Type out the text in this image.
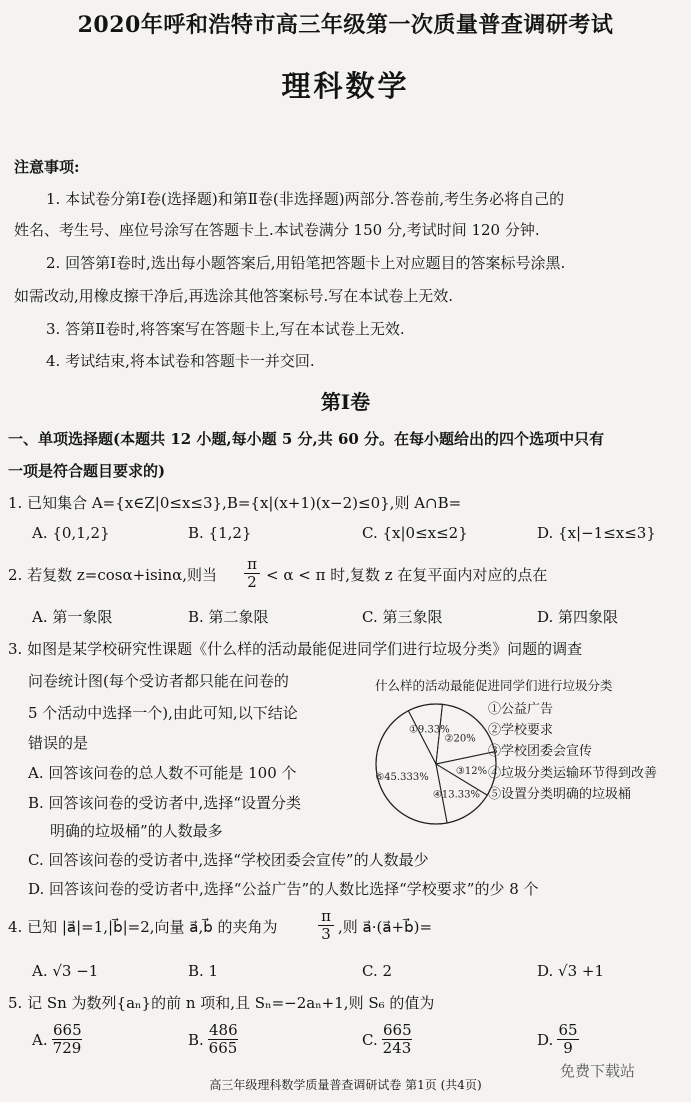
2020年呼和浩特市高三年级第一次质量普查调研考试
理科数学
注意事项:
1. 本试卷分第Ⅰ卷(选择题)和第Ⅱ卷(非选择题)两部分.答卷前,考生务必将自己的
姓名、考生号、座位号涂写在答题卡上.本试卷满分 150 分,考试时间 120 分钟.
2. 回答第Ⅰ卷时,选出每小题答案后,用铅笔把答题卡上对应题目的答案标号涂黑.
如需改动,用橡皮擦干净后,再选涂其他答案标号.写在本试卷上无效.
3. 答第Ⅱ卷时,将答案写在答题卡上,写在本试卷上无效.
4. 考试结束,将本试卷和答题卡一并交回.
第Ⅰ卷
一、单项选择题(本题共 12 小题,每小题 5 分,共 60 分。在每小题给出的四个选项中只有
一项是符合题目要求的)
1. 已知集合 A={x∈Z|0≤x≤3},B={x|(x+1)(x−2)≤0},则 A∩B=
A. {0,1,2}	B. {1,2}	C. {x|0≤x≤2}	D. {x|−1≤x≤3}
2. 若复数 z=cosα+isinα,则当 $\frac{\pi}{2} < \alpha < \pi$ 时,复数 z 在复平面内对应的点在
A. 第一象限	B. 第二象限	C. 第三象限	D. 第四象限
3. 如图是某学校研究性课题《什么样的活动最能促进同学们进行垃圾分类》问题的调查
问卷统计图(每个受访者都只能在问卷的
5 个活动中选择一个),由此可知,以下结论
错误的是
A. 回答该问卷的总人数不可能是 100 个
B. 回答该问卷的受访者中,选择“设置分类
明确的垃圾桶”的人数最多
C. 回答该问卷的受访者中,选择“学校团委会宣传”的人数最少
D. 回答该问卷的受访者中,选择“公益广告”的人数比选择“学校要求”的少 8 个
什么样的活动最能促进同学们进行垃圾分类
①9.33%
②20%
③12%
④13.33%
⑤45.333%
①公益广告
②学校要求
③学校团委会宣传
④垃圾分类运输环节得到改善
⑤设置分类明确的垃圾桶
4. 已知 |a⃗|=1,|b⃗|=2,向量 a⃗,b⃗ 的夹角为	$\frac{\pi}{3}$ ,则 a⃗·(a⃗+b⃗)=
A. √3 −1	B. 1	C. 2	D. √3 +1
5. 记 Sn 为数列{aₙ}的前 n 项和,且 Sₙ=−2aₙ+1,则 S₆ 的值为
A. $\frac{665}{729}$	B. $\frac{486}{665}$	C. $\frac{665}{243}$	D. $\frac{65}{9}$
高三年级理科数学质量普查调研试卷 第1页 (共4页)
免费下载站
